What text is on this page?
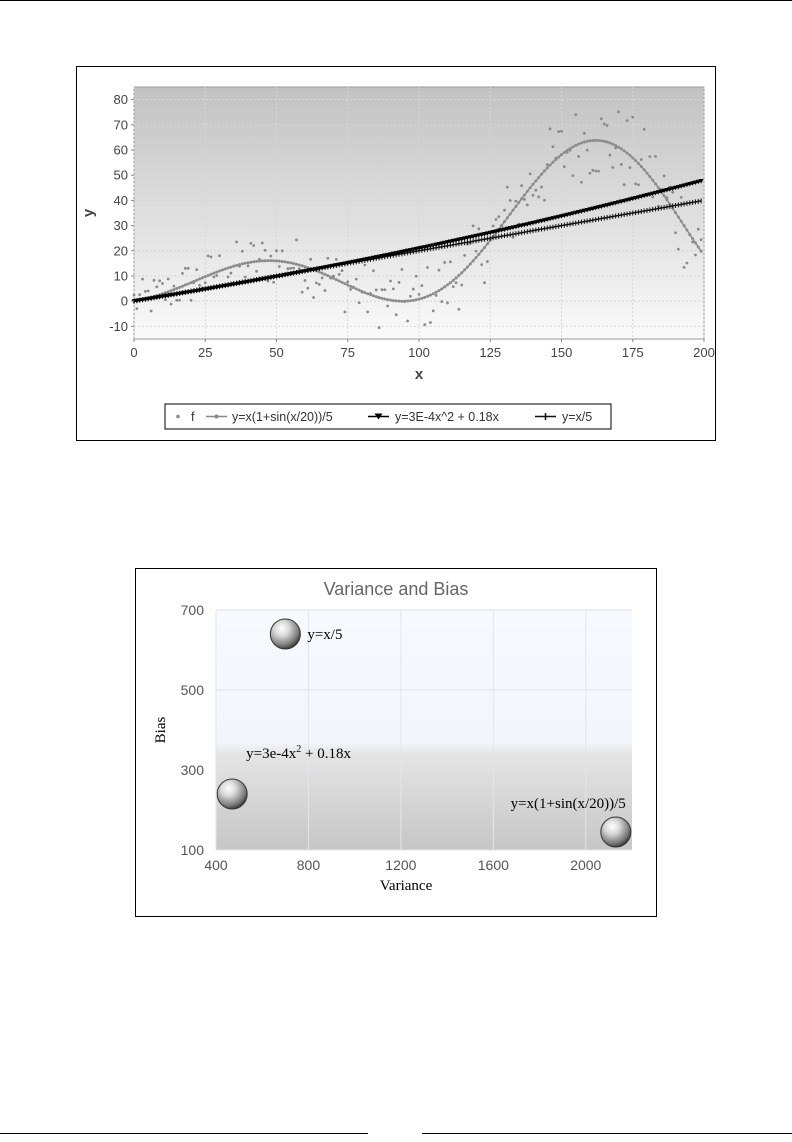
-10
0
10
20
30
40
50
60
70
80
0	25	50	75	100	125	150	175	200
y
x
f	y=x(1+sin(x/20))/5	y=3E-4x^2 + 0.18x	y=x/5
Variance and Bias
100
300
500
700
400	800	1200	1600	2000
Bias
Variance
y=x/5
$y=3e-4x^2 + 0.18x$
y=x(1+sin(x/20))/5
